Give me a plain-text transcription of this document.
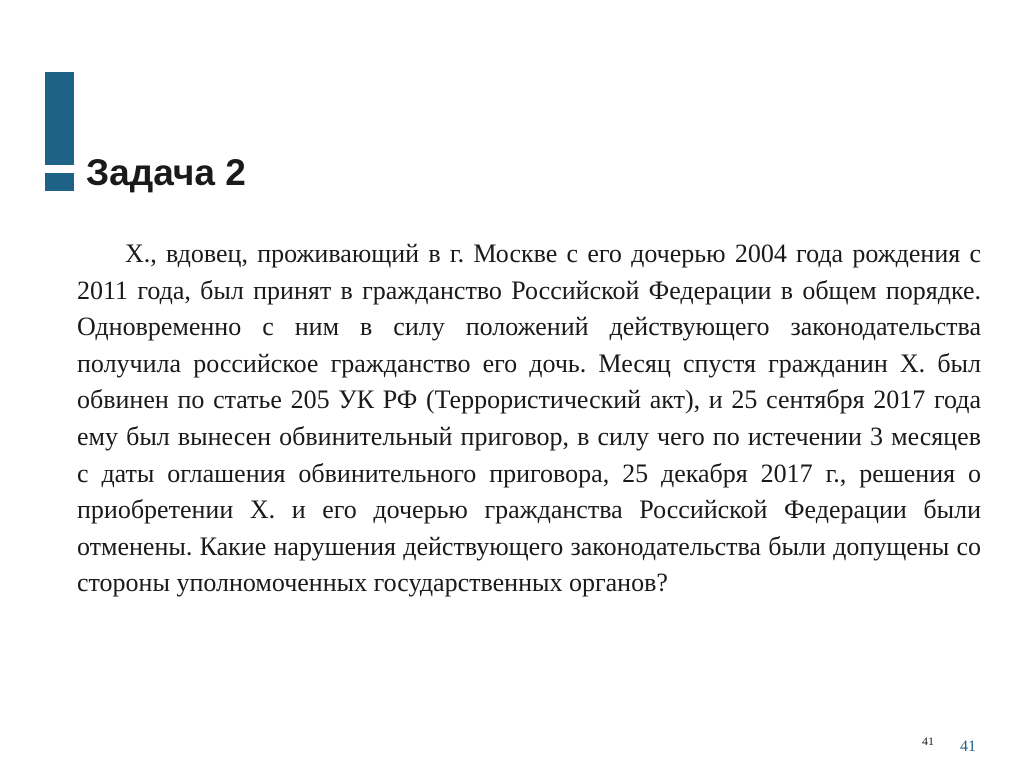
Задача 2

Х., вдовец, проживающий в г. Москве с его дочерью 2004 года рождения с 2011 года, был принят в гражданство Российской Федерации в общем порядке. Одновременно с ним в силу положений действующего законодательства получила российское гражданство его дочь. Месяц спустя гражданин Х. был обвинен по статье 205 УК РФ (Террористический акт), и 25 сентября 2017 года ему был вынесен обвинительный приговор, в силу чего по истечении 3 месяцев с даты оглашения обвинительного приговора, 25 декабря 2017 г., решения о приобретении Х. и его дочерью гражданства Российской Федерации были отменены. Какие нарушения действующего законодательства были допущены со стороны уполномоченных государственных органов?

41 41
